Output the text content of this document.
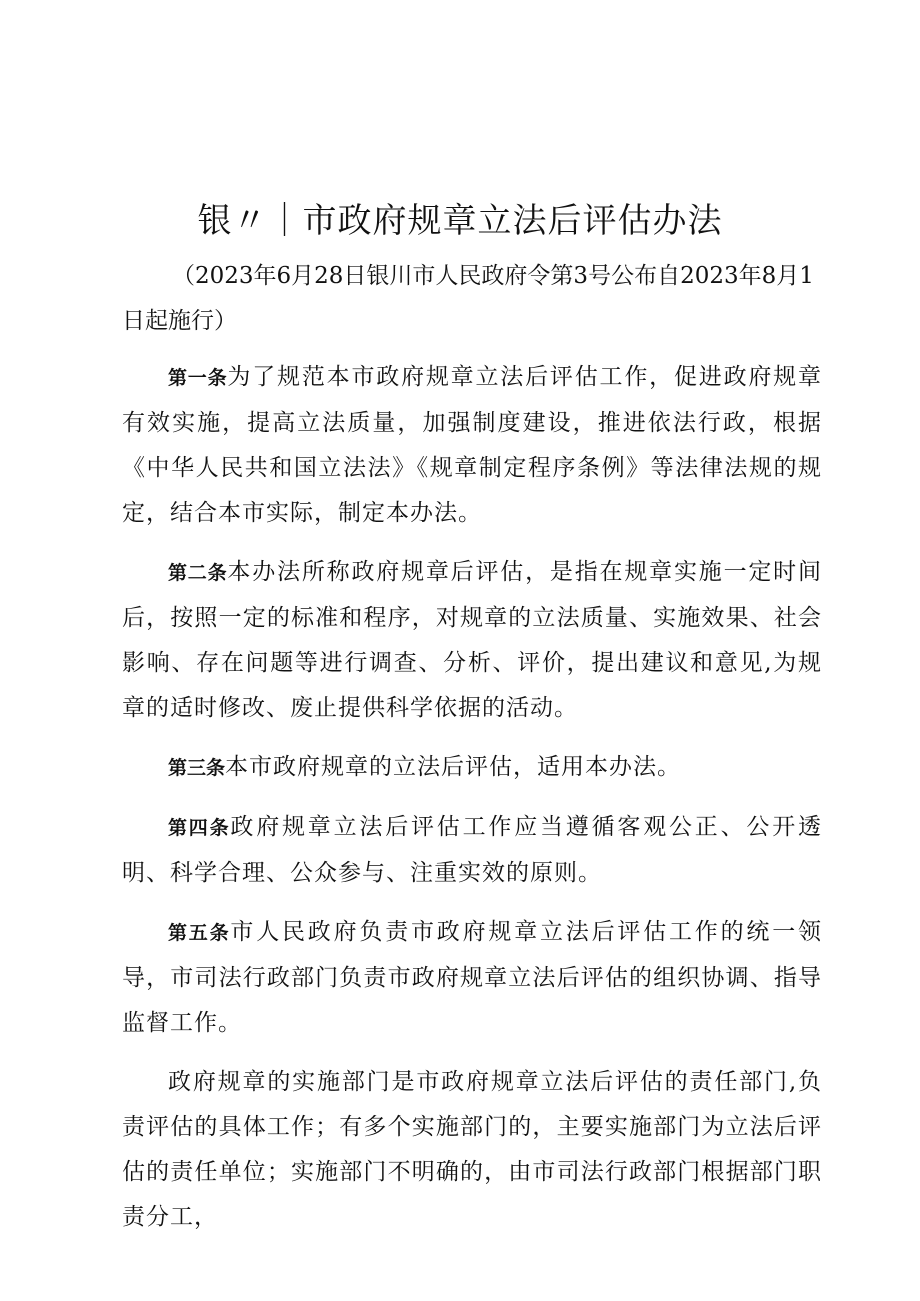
银〃｜市政府规章立法后评估办法

（2023年6月28日银川市人民政府令第3号公布自2023年8月1日起施行）

第一条为了规范本市政府规章立法后评估工作，促进政府规章有效实施，提高立法质量，加强制度建设，推进依法行政，根据《中华人民共和国立法法》《规章制定程序条例》等法律法规的规定，结合本市实际，制定本办法。

第二条本办法所称政府规章后评估，是指在规章实施一定时间后，按照一定的标准和程序，对规章的立法质量、实施效果、社会影响、存在问题等进行调查、分析、评价，提出建议和意见,为规章的适时修改、废止提供科学依据的活动。

第三条本市政府规章的立法后评估，适用本办法。

第四条政府规章立法后评估工作应当遵循客观公正、公开透明、科学合理、公众参与、注重实效的原则。

第五条市人民政府负责市政府规章立法后评估工作的统一领导，市司法行政部门负责市政府规章立法后评估的组织协调、指导监督工作。

政府规章的实施部门是市政府规章立法后评估的责任部门,负责评估的具体工作；有多个实施部门的，主要实施部门为立法后评估的责任单位；实施部门不明确的，由市司法行政部门根据部门职责分工，
